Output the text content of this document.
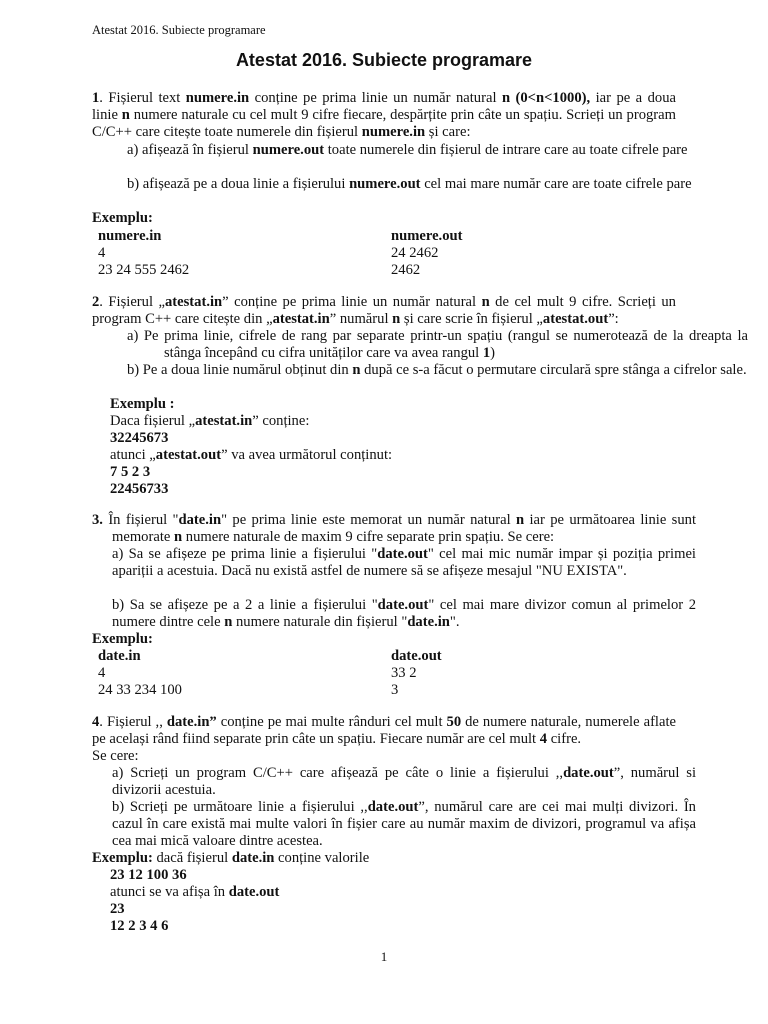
Atestat 2016. Subiecte programare
Atestat 2016. Subiecte programare
1. Fișierul text numere.in conține pe prima linie un număr natural n (0<n<1000), iar pe a doua linie n numere naturale cu cel mult 9 cifre fiecare, despărțite prin câte un spațiu. Scrieți un program C/C++ care citește toate numerele din fișierul numere.in și care:
a) afișează în fișierul numere.out toate numerele din fișierul de intrare care au toate cifrele pare
b) afișează pe a doua linie a fișierului numere.out cel mai mare număr care are toate cifrele pare
Exemplu:
numere.in	numere.out
4	24 2462
23 24 555 2462	2462
2. Fișierul „atestat.in” conține pe prima linie un număr natural n de cel mult 9 cifre. Scrieți un program C++ care citește din „atestat.in” numărul n și care scrie în fișierul „atestat.out”:
a) Pe prima linie, cifrele de rang par separate printr-un spațiu (rangul se numerotează de la dreapta la stânga începând cu cifra unităților care va avea rangul 1)
b) Pe a doua linie numărul obținut din n după ce s-a făcut o permutare circulară spre stânga a cifrelor sale.
Exemplu :
Daca fișierul „atestat.in” conține:
32245673
atunci „atestat.out” va avea următorul conținut:
7 5 2 3
22456733
3. În fișierul "date.in" pe prima linie este memorat un număr natural n iar pe următoarea linie sunt memorate n numere naturale de maxim 9 cifre separate prin spațiu. Se cere:
a) Sa se afișeze pe prima linie a fișierului "date.out" cel mai mic număr impar și poziția primei apariții a acestuia. Dacă nu există astfel de numere să se afișeze mesajul "NU EXISTA".
b) Sa se afișeze pe a 2 a linie a fișierului "date.out" cel mai mare divizor comun al primelor 2 numere dintre cele n numere naturale din fișierul "date.in".
Exemplu:
date.in	date.out
4	33 2
24 33 234 100	3
4. Fișierul ,, date.in” conține pe mai multe rânduri cel mult 50 de numere naturale, numerele aflate pe același rând fiind separate prin câte un spațiu. Fiecare număr are cel mult 4 cifre.
Se cere:
a) Scrieți un program C/C++ care afișează pe câte o linie a fișierului ,,date.out”, numărul si divizorii acestuia.
b) Scrieți pe următoare linie a fișierului ,,date.out”, numărul care are cei mai mulți divizori. În cazul în care există mai multe valori în fișier care au număr maxim de divizori, programul va afișa cea mai mică valoare dintre acestea.
Exemplu: dacă fișierul date.in conține valorile
23 12 100 36
atunci se va afișa în date.out
23
12 2 3 4 6
1
